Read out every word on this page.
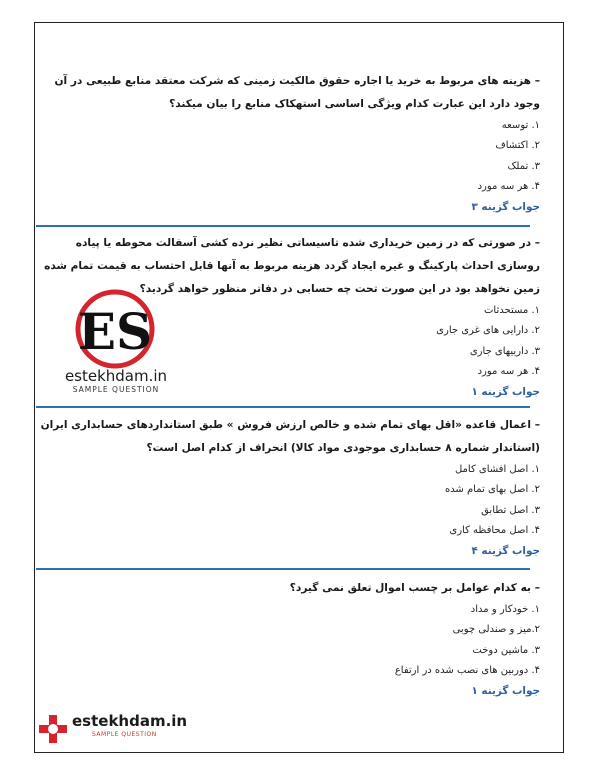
– هزینه های مربوط به خرید یا اجاره حقوق مالکیت زمینی که شرکت معتقد منابع طبیعی در آن وجود دارد این عبارت کدام ویژگی اساسی استهکاک منابع را بیان میکند؟

۱. توسعه

۲. اکتشاف

۳. تملک

۴. هر سه مورد

جواب گزینه ۳

– در صورتی که در زمین خریداری شده تاسیساتی نظیر نرده کشی آسفالت محوطه یا پیاده روسازی احداث پارکینگ و غیره ایجاد گردد هزینه مربوط به آنها قابل احتساب به قیمت تمام شده زمین نخواهد بود در این صورت تحت چه حسابی در دفاتر منظور خواهد گردید؟

۱. مستحدثات

۲. دارایی های غری جاری

۳. دارییهای جاری

۴. هر سه مورد

جواب گزینه ۱

ES
estekhdam.in
SAMPLE QUESTION

– اعمال قاعده «اقل بهای تمام شده و خالص ارزش فروش » طبق استانداردهای حسابداری ایران (استاندار شماره ۸ حسابداری موجودی مواد کالا) انحراف از کدام اصل است؟

۱. اصل افشای کامل

۲. اصل بهای تمام شده

۳. اصل تطابق

۴. اصل محافظه کاری

جواب گزینه ۴

– به کدام عوامل بر چسب اموال تعلق نمی گیرد؟

۱. خودکار و مداد

۲.میز و صندلی چوبی

۳. ماشین دوخت

۴. دوربین های نصب شده در ارتفاع

جواب گزینه ۱

estekhdam.in
SAMPLE QUESTION
